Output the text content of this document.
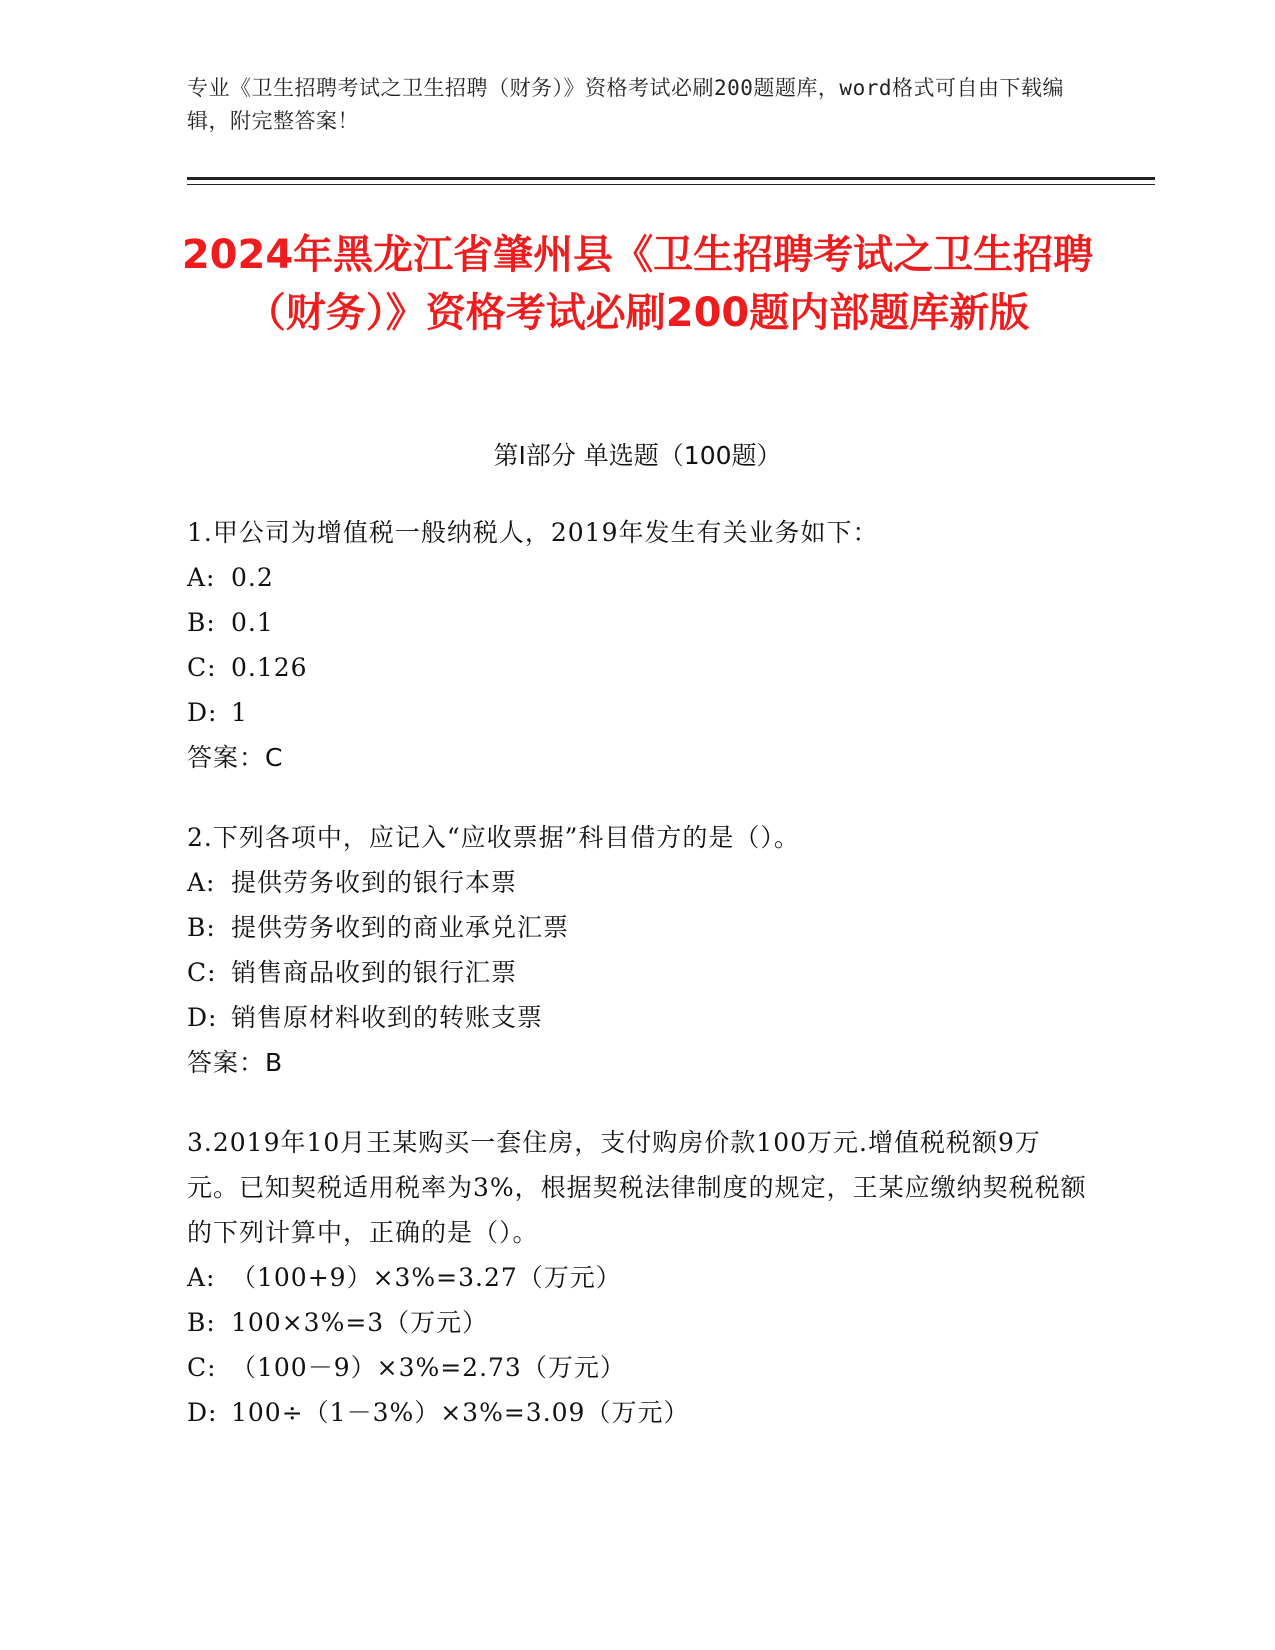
专业《卫生招聘考试之卫生招聘（财务）》资格考试必刷200题题库，word格式可自由下载编辑，附完整答案！
2024年黑龙江省肇州县《卫生招聘考试之卫生招聘（财务）》资格考试必刷200题内部题库新版
第I部分 单选题（100题）

1.甲公司为增值税一般纳税人，2019年发生有关业务如下：

A: 0.2

B: 0.1

C: 0.126

D: 1

答案：C

2.下列各项中，应记入“应收票据”科目借方的是（）。

A: 提供劳务收到的银行本票

B: 提供劳务收到的商业承兑汇票

C: 销售商品收到的银行汇票

D: 销售原材料收到的转账支票

答案：B

3.2019年10月王某购买一套住房，支付购房价款100万元.增值税税额9万元。已知契税适用税率为3%，根据契税法律制度的规定，王某应缴纳契税税额的下列计算中，正确的是（）。

A: （100+9）×3%=3.27（万元）

B: 100×3%=3（万元）

C: （100－9）×3%=2.73（万元）

D: 100÷（1－3%）×3%=3.09（万元）
